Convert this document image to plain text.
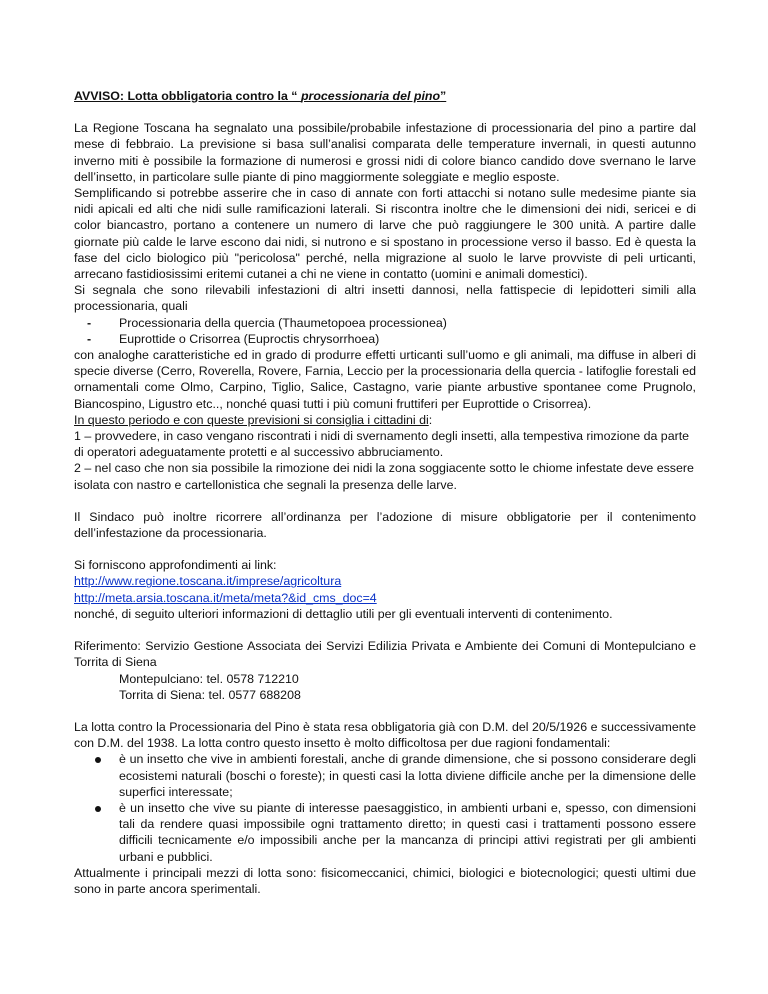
AVVISO: Lotta obbligatoria contro la “ processionaria del pino”

La Regione Toscana ha segnalato una possibile/probabile infestazione di processionaria del pino a partire dal mese di febbraio. La previsione si basa sull’analisi comparata delle temperature invernali, in questi autunno inverno miti è possibile la formazione di numerosi e grossi nidi di colore bianco candido dove svernano le larve dell’insetto, in particolare sulle piante di pino maggiormente soleggiate e meglio esposte.

Semplificando si potrebbe asserire che in caso di annate con forti attacchi si notano sulle medesime piante sia nidi apicali ed alti che nidi sulle ramificazioni laterali. Si riscontra inoltre che le dimensioni dei nidi, sericei e di color biancastro, portano a contenere un numero di larve che può raggiungere le 300 unità. A partire dalle giornate più calde le larve escono dai nidi, si nutrono e si spostano in processione verso il basso. Ed è questa la fase del ciclo biologico più "pericolosa" perché, nella migrazione al suolo le larve provviste di peli urticanti, arrecano fastidiosissimi eritemi cutanei a chi ne viene in contatto (uomini e animali domestici).

Si segnala che sono rilevabili infestazioni di altri insetti dannosi, nella fattispecie di lepidotteri simili alla processionaria, quali

- Processionaria della quercia (Thaumetopoea processionea)
- Euprottide o Crisorrea (Euproctis chrysorrhoea)

con analoghe caratteristiche ed in grado di produrre effetti urticanti sull’uomo e gli animali, ma diffuse in alberi di specie diverse (Cerro, Roverella, Rovere, Farnia, Leccio per la processionaria della quercia - latifoglie forestali ed ornamentali come Olmo, Carpino, Tiglio, Salice, Castagno, varie piante arbustive spontanee come Prugnolo, Biancospino, Ligustro etc.., nonché quasi tutti i più comuni fruttiferi per Euprottide o Crisorrea).

In questo periodo e con queste previsioni si consiglia i cittadini di:

1 – provvedere, in caso vengano riscontrati i nidi di svernamento degli insetti, alla tempestiva rimozione da parte di operatori adeguatamente protetti e al successivo abbruciamento.

2 – nel caso che non sia possibile la rimozione dei nidi la zona soggiacente sotto le chiome infestate deve essere isolata con nastro e cartellonistica che segnali la presenza delle larve.

Il Sindaco può inoltre ricorrere all’ordinanza per l’adozione di misure obbligatorie per il contenimento dell’infestazione da processionaria.

Si forniscono approfondimenti ai link:

http://www.regione.toscana.it/imprese/agricoltura
http://meta.arsia.toscana.it/meta/meta?&id_cms_doc=4

nonché, di seguito ulteriori informazioni di dettaglio utili per gli eventuali interventi di contenimento.

Riferimento: Servizio Gestione Associata dei Servizi Edilizia Privata e Ambiente dei Comuni di Montepulciano e Torrita di Siena

Montepulciano: tel. 0578 712210

Torrita di Siena: tel. 0577 688208

La lotta contro la Processionaria del Pino è stata resa obbligatoria già con D.M. del 20/5/1926 e successivamente con D.M. del 1938. La lotta contro questo insetto è molto difficoltosa per due ragioni fondamentali:

è un insetto che vive in ambienti forestali, anche di grande dimensione, che si possono considerare degli ecosistemi naturali (boschi o foreste); in questi casi la lotta diviene difficile anche per la dimensione delle superfici interessate;
è un insetto che vive su piante di interesse paesaggistico, in ambienti urbani e, spesso, con dimensioni tali da rendere quasi impossibile ogni trattamento diretto; in questi casi i trattamenti possono essere difficili tecnicamente e/o impossibili anche per la mancanza di principi attivi registrati per gli ambienti urbani e pubblici.

Attualmente i principali mezzi di lotta sono: fisicomeccanici, chimici, biologici e biotecnologici; questi ultimi due sono in parte ancora sperimentali.
